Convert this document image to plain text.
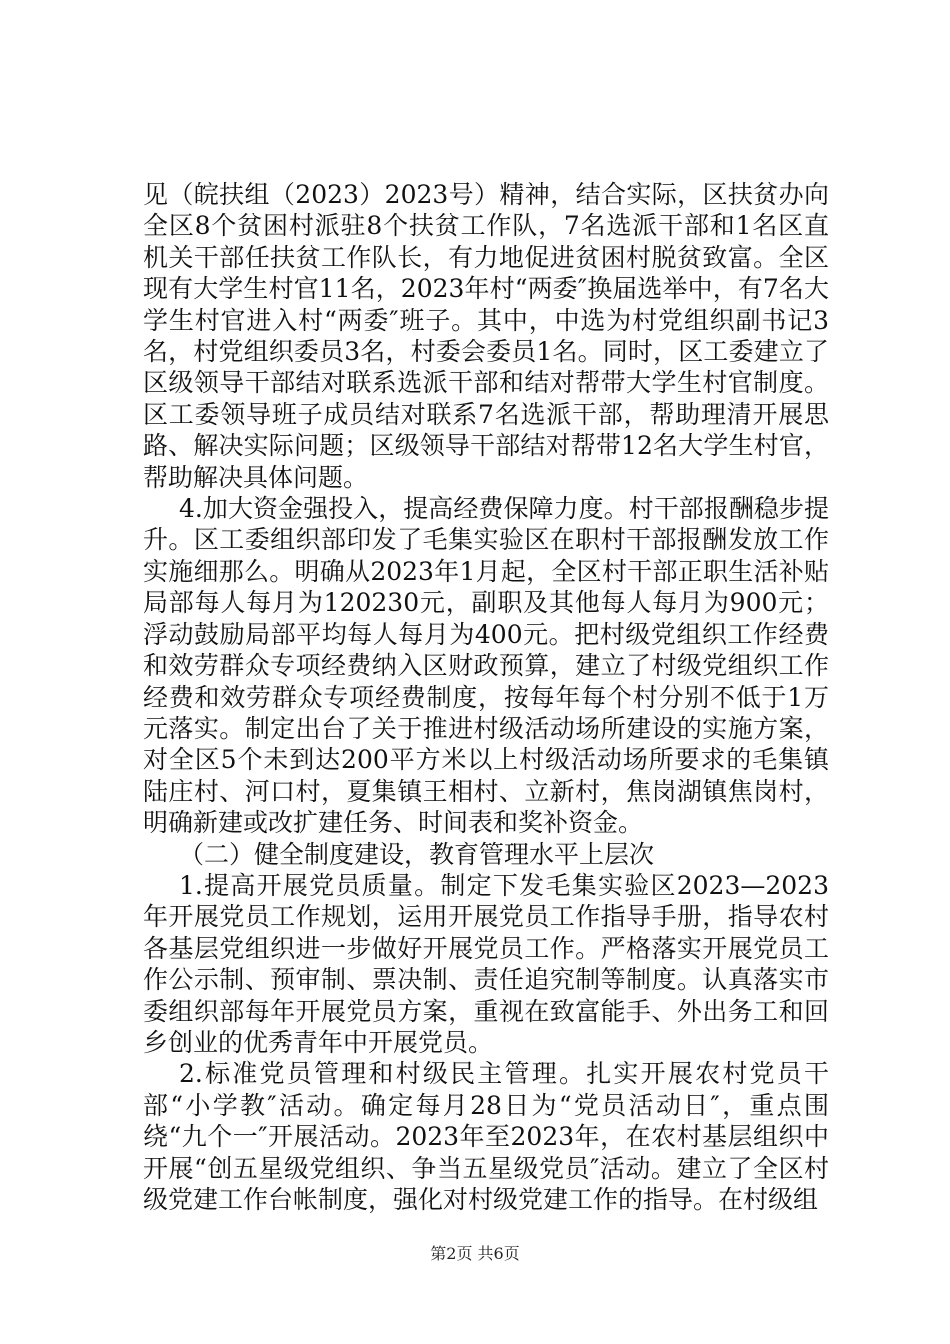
见（皖扶组（2023）2023号）精神，结合实际，区扶贫办向全区8个贫困村派驻8个扶贫工作队，7名选派干部和1名区直机关干部任扶贫工作队长，有力地促进贫困村脱贫致富。全区现有大学生村官11名，2023年村“两委″换届选举中，有7名大学生村官进入村“两委″班子。其中，中选为村党组织副书记3名，村党组织委员3名，村委会委员1名。同时，区工委建立了区级领导干部结对联系选派干部和结对帮带大学生村官制度。区工委领导班子成员结对联系7名选派干部，帮助理清开展思路、解决实际问题；区级领导干部结对帮带12名大学生村官，帮助解决具体问题。

4.加大资金强投入，提高经费保障力度。村干部报酬稳步提升。区工委组织部印发了毛集实验区在职村干部报酬发放工作实施细那么。明确从2023年1月起，全区村干部正职生活补贴局部每人每月为120230元，副职及其他每人每月为900元；浮动鼓励局部平均每人每月为400元。把村级党组织工作经费和效劳群众专项经费纳入区财政预算，建立了村级党组织工作经费和效劳群众专项经费制度，按每年每个村分别不低于1万元落实。制定出台了关于推进村级活动场所建设的实施方案，对全区5个未到达200平方米以上村级活动场所要求的毛集镇陆庄村、河口村，夏集镇王相村、立新村，焦岗湖镇焦岗村，明确新建或改扩建任务、时间表和奖补资金。

（二）健全制度建设，教育管理水平上层次

1.提高开展党员质量。制定下发毛集实验区2023—2023年开展党员工作规划，运用开展党员工作指导手册，指导农村各基层党组织进一步做好开展党员工作。严格落实开展党员工作公示制、预审制、票决制、责任追究制等制度。认真落实市委组织部每年开展党员方案，重视在致富能手、外出务工和回乡创业的优秀青年中开展党员。

2.标准党员管理和村级民主管理。扎实开展农村党员干部“小学教″活动。确定每月28日为“党员活动日″，重点围绕“九个一″开展活动。2023年至2023年，在农村基层组织中开展“创五星级党组织、争当五星级党员″活动。建立了全区村级党建工作台帐制度，强化对村级党建工作的指导。在村级组

第2页 共6页
